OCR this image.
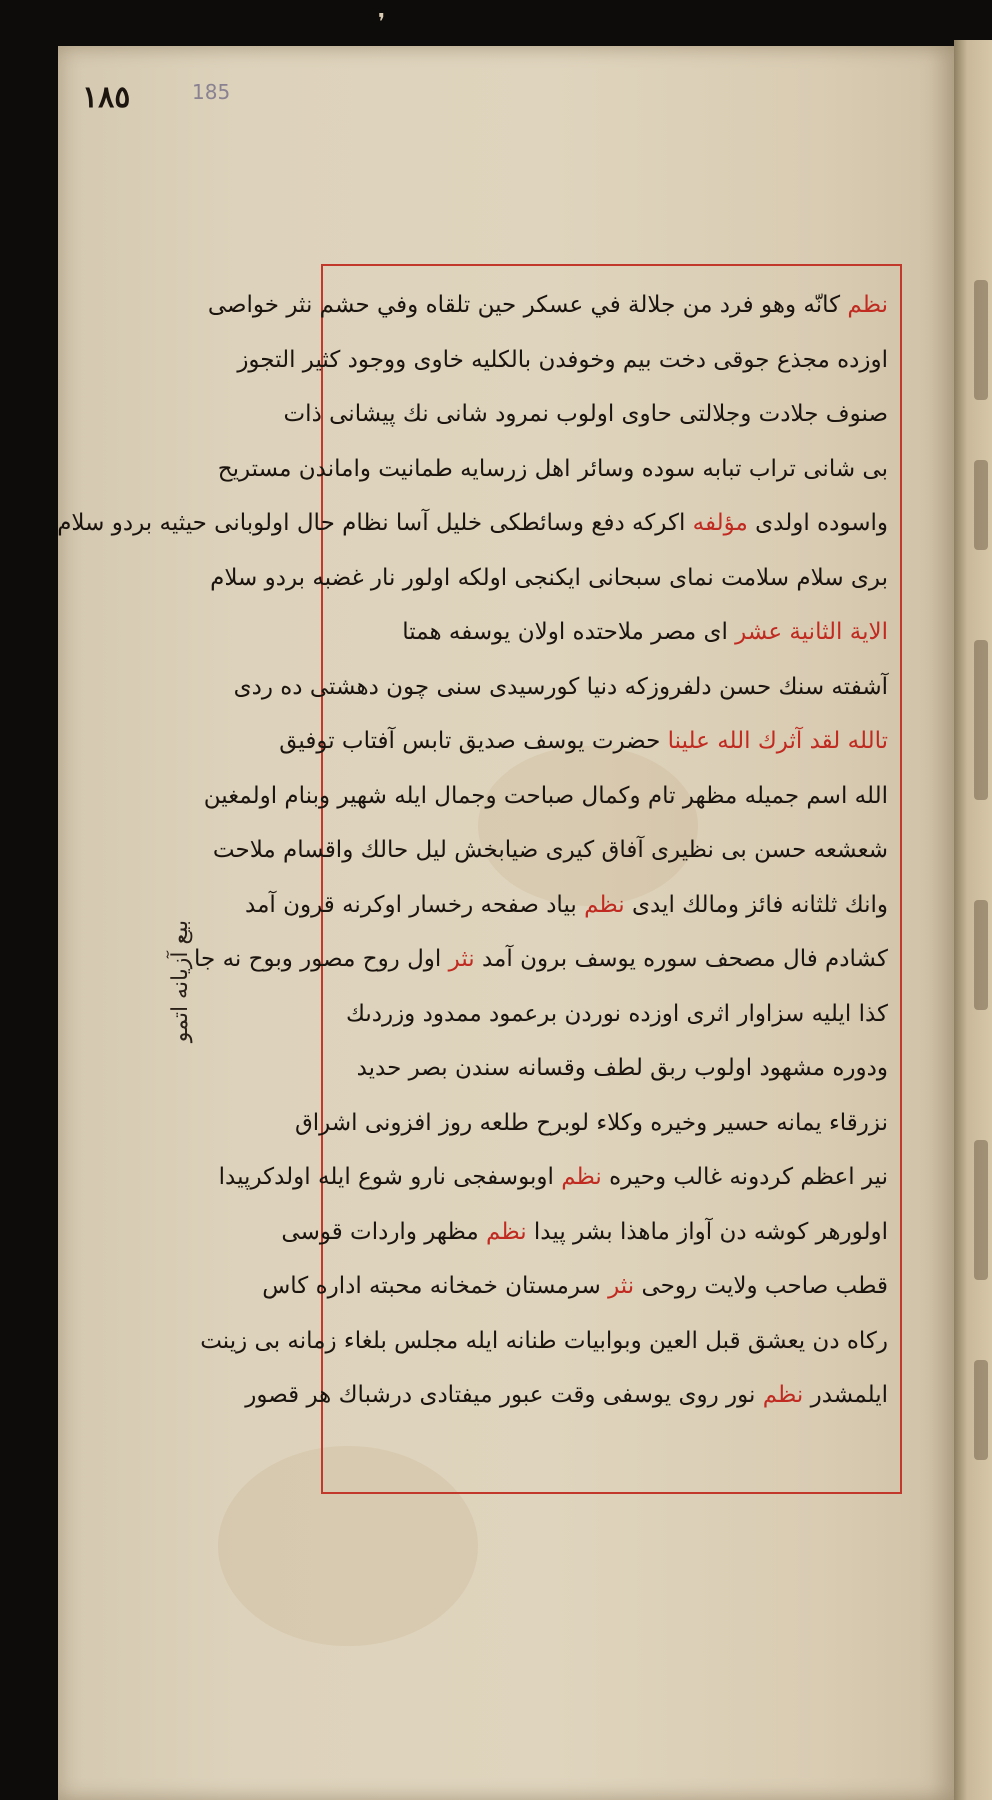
❜
١٨٥	185
بيع آزيانه اتمو
نظم كانّه وهو فرد من جلالة في عسكر حين تلقاه وفي حشم نثر خواصى
اوزده مجذع جوقى دخت بيم وخوفدن بالكليه خاوى ووجود كثير التجوز
صنوف جلادت وجلالتى حاوى اولوب نمرود شانى نك پيشانى ذات
بى شانى تراب تبابه سوده وسائر اهل زرسايه طمانيت واماندن مستريح
واسوده اولدى مؤلفه اكركه دفع وسائطكى خليل آسا نظام حال اولوبانى حيثيه بردو سلام
برى سلام سلامت نماى سبحانى ايكنجى اولكه اولور نار غضبه بردو سلام
الاية الثانية عشر اى مصر ملاحتده اولان يوسفه همتا
آشفته سنك حسن دلفروزكه دنيا كورسيدى سنى چون دهشتى ده ردى
تالله لقد آثرك الله علينا حضرت يوسف صديق تابس آفتاب توفيق
الله اسم جميله مظهر تام وكمال صباحت وجمال ايله شهير وبنام اولمغين
شعشعه حسن بى نظيرى آفاق كيرى ضيابخش ليل حالك واقسام ملاحت
وانك ثلثانه فائز ومالك ايدى نظم بياد صفحه رخسار اوكرنه قرون آمد
كشادم فال مصحف سوره يوسف برون آمد نثر اول روح مصور وبوح نه جا
كذا ايليه سزاوار اثرى اوزده نوردن برعمود ممدود وزردىك
ودوره مشهود اولوب ربق لطف وقسانه سندن بصر حديد
نزرقاء يمانه حسير وخيره وكلاء لوبرح طلعه روز افزونى اشراق
نير اعظم كردونه غالب وحيره نظم اوبوسفجى نارو شوع ايله اولدكرپيدا
اولورهر كوشه دن آواز ماهذا بشر پيدا نظم مظهر واردات قوسى
قطب صاحب ولايت روحى نثر سرمستان خمخانه محبته اداره كاس
ركاه دن يعشق قبل العين وبوابيات طنانه ايله مجلس بلغاء زمانه بى زينت
ايلمشدر نظم نور روى يوسفى وقت عبور ميفتادى درشباك هر قصور
